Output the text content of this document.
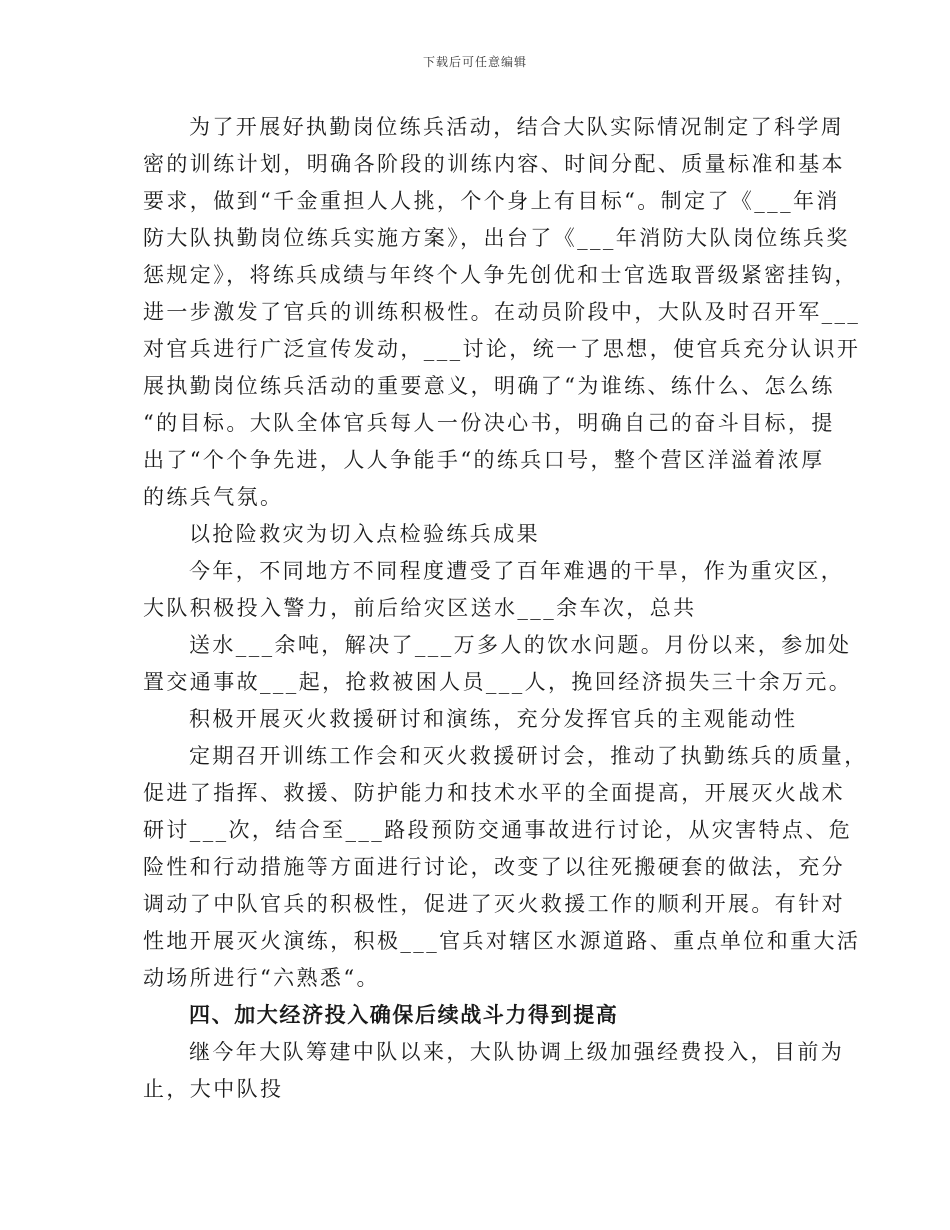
下载后可任意编辑
为了开展好执勤岗位练兵活动，结合大队实际情况制定了科学周
密的训练计划，明确各阶段的训练内容、时间分配、质量标准和基本
要求，做到“千金重担人人挑，个个身上有目标“。制定了《___年消
防大队执勤岗位练兵实施方案》，出台了《___年消防大队岗位练兵奖
惩规定》，将练兵成绩与年终个人争先创优和士官选取晋级紧密挂钩，
进一步激发了官兵的训练积极性。在动员阶段中，大队及时召开军___
对官兵进行广泛宣传发动，___讨论，统一了思想，使官兵充分认识开
展执勤岗位练兵活动的重要意义，明确了“为谁练、练什么、怎么练
“的目标。大队全体官兵每人一份决心书，明确自己的奋斗目标，提
出了“个个争先进，人人争能手“的练兵口号，整个营区洋溢着浓厚
的练兵气氛。
以抢险救灾为切入点检验练兵成果
今年，不同地方不同程度遭受了百年难遇的干旱，作为重灾区，
大队积极投入警力，前后给灾区送水___余车次，总共
送水___余吨，解决了___万多人的饮水问题。月份以来，参加处
置交通事故___起，抢救被困人员___人，挽回经济损失三十余万元。
积极开展灭火救援研讨和演练，充分发挥官兵的主观能动性
定期召开训练工作会和灭火救援研讨会，推动了执勤练兵的质量，
促进了指挥、救援、防护能力和技术水平的全面提高，开展灭火战术
研讨___次，结合至___路段预防交通事故进行讨论，从灾害特点、危
险性和行动措施等方面进行讨论，改变了以往死搬硬套的做法，充分
调动了中队官兵的积极性，促进了灭火救援工作的顺利开展。有针对
性地开展灭火演练，积极___官兵对辖区水源道路、重点单位和重大活
动场所进行“六熟悉“。
四、加大经济投入确保后续战斗力得到提高
继今年大队筹建中队以来，大队协调上级加强经费投入，目前为
止，大中队投
